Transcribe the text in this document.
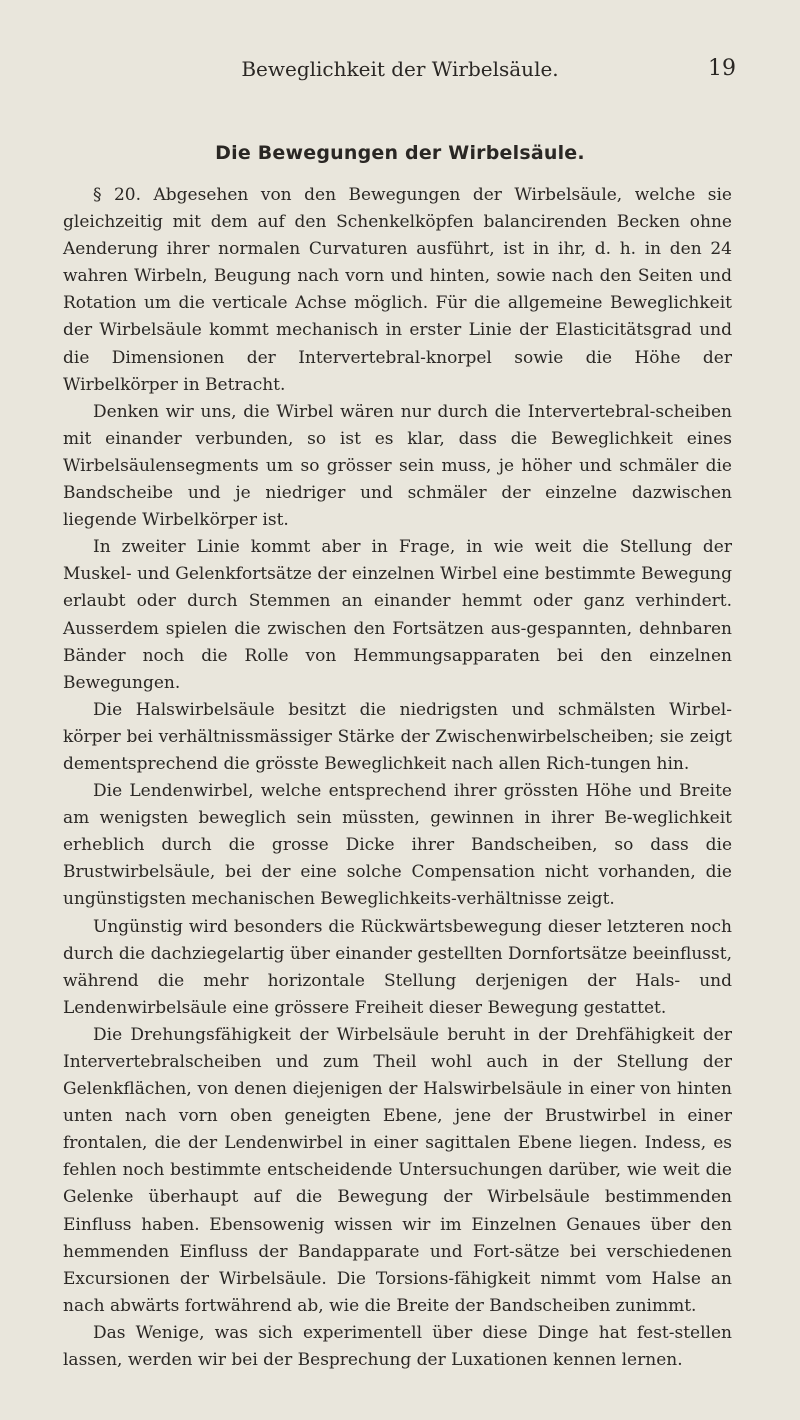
Beweglichkeit der Wirbelsäule.	19
Die Bewegungen der Wirbelsäule.

§ 20. Abgesehen von den Bewegungen der Wirbelsäule, welche sie gleichzeitig mit dem auf den Schenkelköpfen balancirenden Becken ohne Aenderung ihrer normalen Curvaturen ausführt, ist in ihr, d. h. in den 24 wahren Wirbeln, Beugung nach vorn und hinten, sowie nach den Seiten und Rotation um die verticale Achse möglich. Für die allgemeine Beweglichkeit der Wirbelsäule kommt mechanisch in erster Linie der Elasticitätsgrad und die Dimensionen der Intervertebral-knorpel sowie die Höhe der Wirbelkörper in Betracht.

Denken wir uns, die Wirbel wären nur durch die Intervertebral-scheiben mit einander verbunden, so ist es klar, dass die Beweglichkeit eines Wirbelsäulensegments um so grösser sein muss, je höher und schmäler die Bandscheibe und je niedriger und schmäler der einzelne dazwischen liegende Wirbelkörper ist.

In zweiter Linie kommt aber in Frage, in wie weit die Stellung der Muskel- und Gelenkfortsätze der einzelnen Wirbel eine bestimmte Bewegung erlaubt oder durch Stemmen an einander hemmt oder ganz verhindert. Ausserdem spielen die zwischen den Fortsätzen aus-gespannten, dehnbaren Bänder noch die Rolle von Hemmungsapparaten bei den einzelnen Bewegungen.

Die Halswirbelsäule besitzt die niedrigsten und schmälsten Wirbel-körper bei verhältnissmässiger Stärke der Zwischenwirbelscheiben; sie zeigt dementsprechend die grösste Beweglichkeit nach allen Rich-tungen hin.

Die Lendenwirbel, welche entsprechend ihrer grössten Höhe und Breite am wenigsten beweglich sein müssten, gewinnen in ihrer Be-weglichkeit erheblich durch die grosse Dicke ihrer Bandscheiben, so dass die Brustwirbelsäule, bei der eine solche Compensation nicht vorhanden, die ungünstigsten mechanischen Beweglichkeits-verhältnisse zeigt.

Ungünstig wird besonders die Rückwärtsbewegung dieser letzteren noch durch die dachziegelartig über einander gestellten Dornfortsätze beeinflusst, während die mehr horizontale Stellung derjenigen der Hals- und Lendenwirbelsäule eine grössere Freiheit dieser Bewegung gestattet.

Die Drehungsfähigkeit der Wirbelsäule beruht in der Drehfähigkeit der Intervertebralscheiben und zum Theil wohl auch in der Stellung der Gelenkflächen, von denen diejenigen der Halswirbelsäule in einer von hinten unten nach vorn oben geneigten Ebene, jene der Brustwirbel in einer frontalen, die der Lendenwirbel in einer sagittalen Ebene liegen. Indess, es fehlen noch bestimmte entscheidende Untersuchungen darüber, wie weit die Gelenke überhaupt auf die Bewegung der Wirbelsäule bestimmenden Einfluss haben. Ebensowenig wissen wir im Einzelnen Genaues über den hemmenden Einfluss der Bandapparate und Fort-sätze bei verschiedenen Excursionen der Wirbelsäule. Die Torsions-fähigkeit nimmt vom Halse an nach abwärts fortwährend ab, wie die Breite der Bandscheiben zunimmt.

Das Wenige, was sich experimentell über diese Dinge hat fest-stellen lassen, werden wir bei der Besprechung der Luxationen kennen lernen.
